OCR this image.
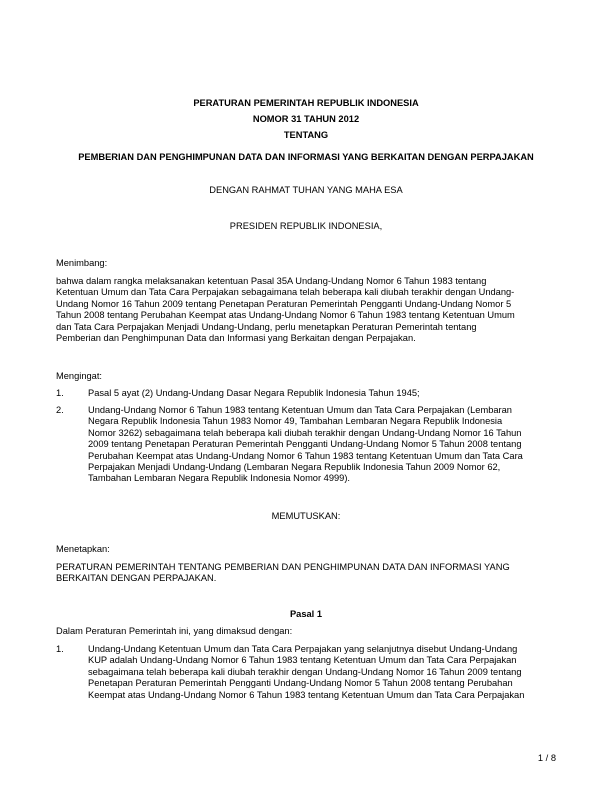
PERATURAN PEMERINTAH REPUBLIK INDONESIA
NOMOR 31 TAHUN 2012
TENTANG
PEMBERIAN DAN PENGHIMPUNAN DATA DAN INFORMASI YANG BERKAITAN DENGAN PERPAJAKAN
DENGAN RAHMAT TUHAN YANG MAHA ESA
PRESIDEN REPUBLIK INDONESIA,
Menimbang:
bahwa dalam rangka melaksanakan ketentuan Pasal 35A Undang-Undang Nomor 6 Tahun 1983 tentang
Ketentuan Umum dan Tata Cara Perpajakan sebagaimana telah beberapa kali diubah terakhir dengan Undang-
Undang Nomor 16 Tahun 2009 tentang Penetapan Peraturan Pemerintah Pengganti Undang-Undang Nomor 5
Tahun 2008 tentang Perubahan Keempat atas Undang-Undang Nomor 6 Tahun 1983 tentang Ketentuan Umum
dan Tata Cara Perpajakan Menjadi Undang-Undang, perlu menetapkan Peraturan Pemerintah tentang
Pemberian dan Penghimpunan Data dan Informasi yang Berkaitan dengan Perpajakan.
Mengingat:
1.	Pasal 5 ayat (2) Undang-Undang Dasar Negara Republik Indonesia Tahun 1945;
2.	Undang-Undang Nomor 6 Tahun 1983 tentang Ketentuan Umum dan Tata Cara Perpajakan (Lembaran
Negara Republik Indonesia Tahun 1983 Nomor 49, Tambahan Lembaran Negara Republik Indonesia
Nomor 3262) sebagaimana telah beberapa kali diubah terakhir dengan Undang-Undang Nomor 16 Tahun
2009 tentang Penetapan Peraturan Pemerintah Pengganti Undang-Undang Nomor 5 Tahun 2008 tentang
Perubahan Keempat atas Undang-Undang Nomor 6 Tahun 1983 tentang Ketentuan Umum dan Tata Cara
Perpajakan Menjadi Undang-Undang (Lembaran Negara Republik Indonesia Tahun 2009 Nomor 62,
Tambahan Lembaran Negara Republik Indonesia Nomor 4999).
MEMUTUSKAN:
Menetapkan:
PERATURAN PEMERINTAH TENTANG PEMBERIAN DAN PENGHIMPUNAN DATA DAN INFORMASI YANG
BERKAITAN DENGAN PERPAJAKAN.
Pasal 1
Dalam Peraturan Pemerintah ini, yang dimaksud dengan:
1.	Undang-Undang Ketentuan Umum dan Tata Cara Perpajakan yang selanjutnya disebut Undang-Undang
KUP adalah Undang-Undang Nomor 6 Tahun 1983 tentang Ketentuan Umum dan Tata Cara Perpajakan
sebagaimana telah beberapa kali diubah terakhir dengan Undang-Undang Nomor 16 Tahun 2009 tentang
Penetapan Peraturan Pemerintah Pengganti Undang-Undang Nomor 5 Tahun 2008 tentang Perubahan
Keempat atas Undang-Undang Nomor 6 Tahun 1983 tentang Ketentuan Umum dan Tata Cara Perpajakan
1 / 8
